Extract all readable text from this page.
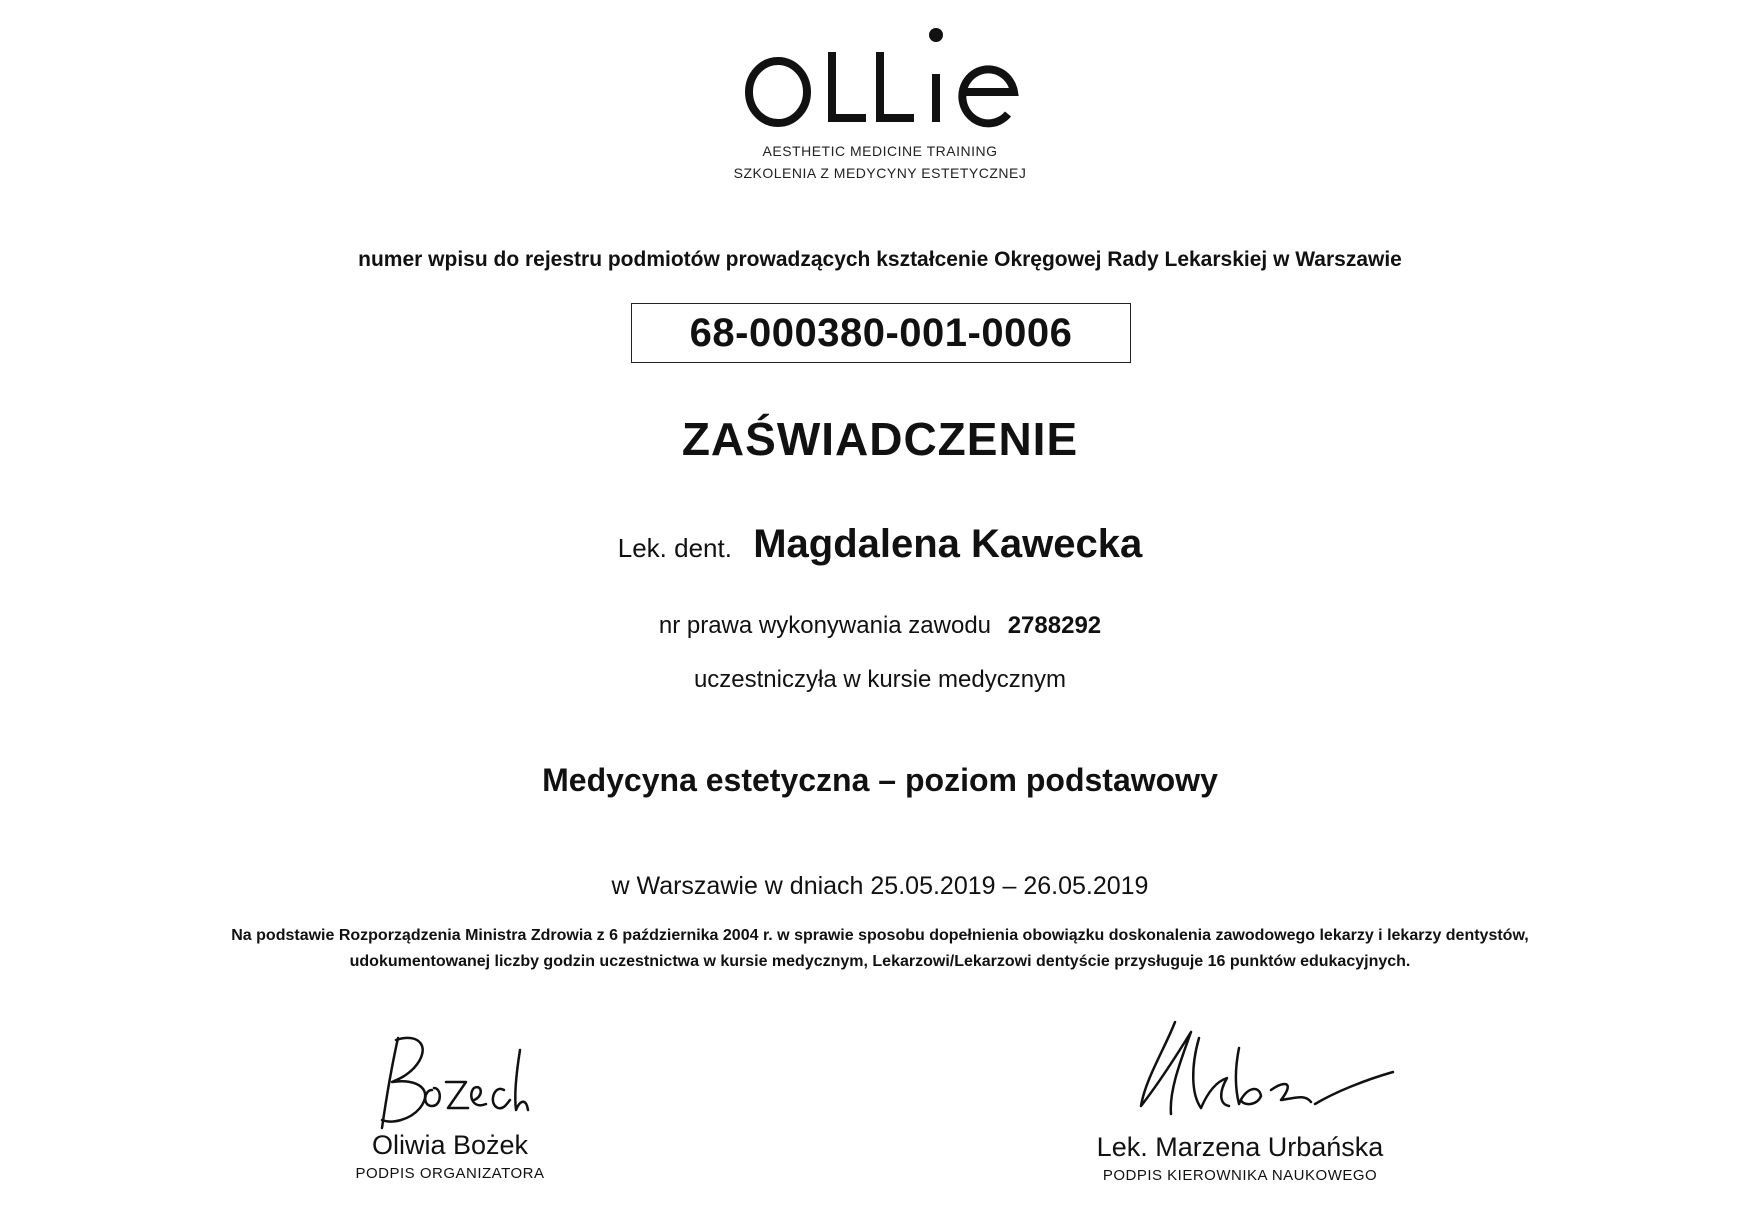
AESTHETIC MEDICINE TRAINING
SZKOLENIA Z MEDYCYNY ESTETYCZNEJ
numer wpisu do rejestru podmiotów prowadzących kształcenie Okręgowej Rady Lekarskiej w Warszawie
68-000380-001-0006
ZAŚWIADCZENIE
Lek. dent. Magdalena Kawecka
nr prawa wykonywania zawodu 2788292
uczestniczyła w kursie medycznym
Medycyna estetyczna – poziom podstawowy
w Warszawie w dniach 25.05.2019 – 26.05.2019
Na podstawie Rozporządzenia Ministra Zdrowia z 6 października 2004 r. w sprawie sposobu dopełnienia obowiązku doskonalenia zawodowego lekarzy i lekarzy dentystów,
udokumentowanej liczby godzin uczestnictwa w kursie medycznym, Lekarzowi/Lekarzowi dentyście przysługuje 16 punktów edukacyjnych.
Oliwia Bożek
PODPIS ORGANIZATORA
Lek. Marzena Urbańska
PODPIS KIEROWNIKA NAUKOWEGO
